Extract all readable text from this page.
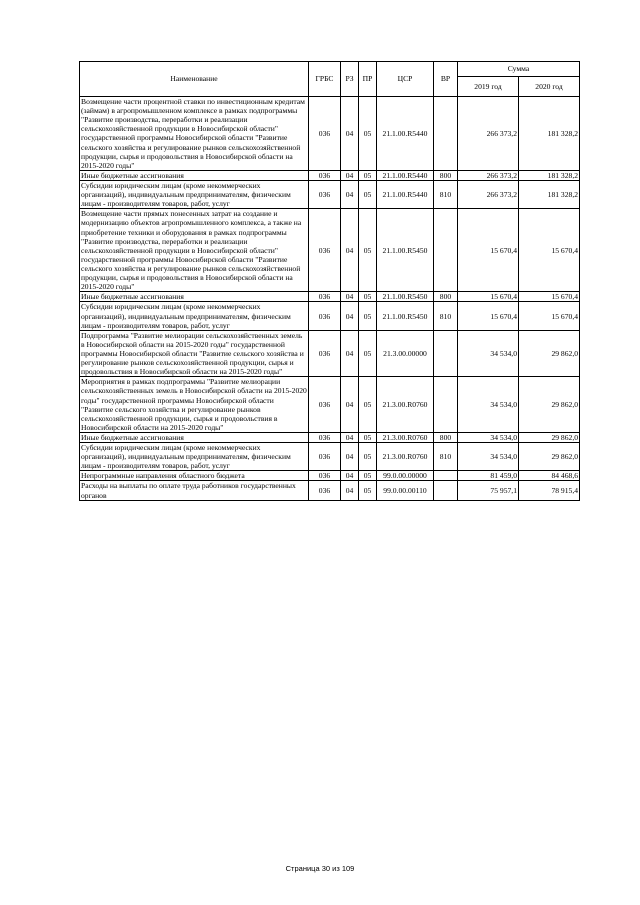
Наименование	ГРБС	РЗ	ПР	ЦСР	ВР	Сумма	
						2019 год	2020 год
Возмещение части процентной ставки по инвестиционным кредитам (займам) в агропромышленном комплексе в рамках подпрограммы "Развитие производства, переработки и реализации сельскохозяйственной продукции в Новосибирской области" государственной программы Новосибирской области "Развитие сельского хозяйства и регулирование рынков сельскохозяйственной продукции, сырья и продовольствия в Новосибирской области на 2015-2020 годы"	036	04	05	21.1.00.R5440		266 373,2	181 328,2
Иные бюджетные ассигнования	036	04	05	21.1.00.R5440	800	266 373,2	181 328,2
Субсидии юридическим лицам (кроме некоммерческих организаций), индивидуальным предпринимателям, физическим лицам - производителям товаров, работ, услуг	036	04	05	21.1.00.R5440	810	266 373,2	181 328,2
Возмещение части прямых понесенных затрат на создание и модернизацию объектов агропромышленного комплекса, а также на приобретение техники и оборудования в рамках подпрограммы "Развитие производства, переработки и реализации сельскохозяйственной продукции в Новосибирской области" государственной программы Новосибирской области "Развитие сельского хозяйства и регулирование рынков сельскохозяйственной продукции, сырья и продовольствия в Новосибирской области на 2015-2020 годы"	036	04	05	21.1.00.R5450		15 670,4	15 670,4
Иные бюджетные ассигнования	036	04	05	21.1.00.R5450	800	15 670,4	15 670,4
Субсидии юридическим лицам (кроме некоммерческих организаций), индивидуальным предпринимателям, физическим лицам - производителям товаров, работ, услуг	036	04	05	21.1.00.R5450	810	15 670,4	15 670,4
Подпрограмма "Развитие мелиорации сельскохозяйственных земель в Новосибирской области на 2015-2020 годы" государственной программы Новосибирской области "Развитие сельского хозяйства и регулирование рынков сельскохозяйственной продукции, сырья и продовольствия в Новосибирской области на 2015-2020 годы"	036	04	05	21.3.00.00000		34 534,0	29 862,0
Мероприятия в рамках подпрограммы "Развитие мелиорации сельскохозяйственных земель в Новосибирской области на 2015-2020 годы" государственной программы Новосибирской области "Развитие сельского хозяйства и регулирование рынков сельскохозяйственной продукции, сырья и продовольствия в Новосибирской области на 2015-2020 годы"	036	04	05	21.3.00.R0760		34 534,0	29 862,0
Иные бюджетные ассигнования	036	04	05	21.3.00.R0760	800	34 534,0	29 862,0
Субсидии юридическим лицам (кроме некоммерческих организаций), индивидуальным предпринимателям, физическим лицам - производителям товаров, работ, услуг	036	04	05	21.3.00.R0760	810	34 534,0	29 862,0
Непрограммные направления областного бюджета	036	04	05	99.0.00.00000		81 459,0	84 468,6
Расходы на выплаты по оплате труда работников государственных органов	036	04	05	99.0.00.00110		75 957,1	78 915,4
Страница 30 из 109
